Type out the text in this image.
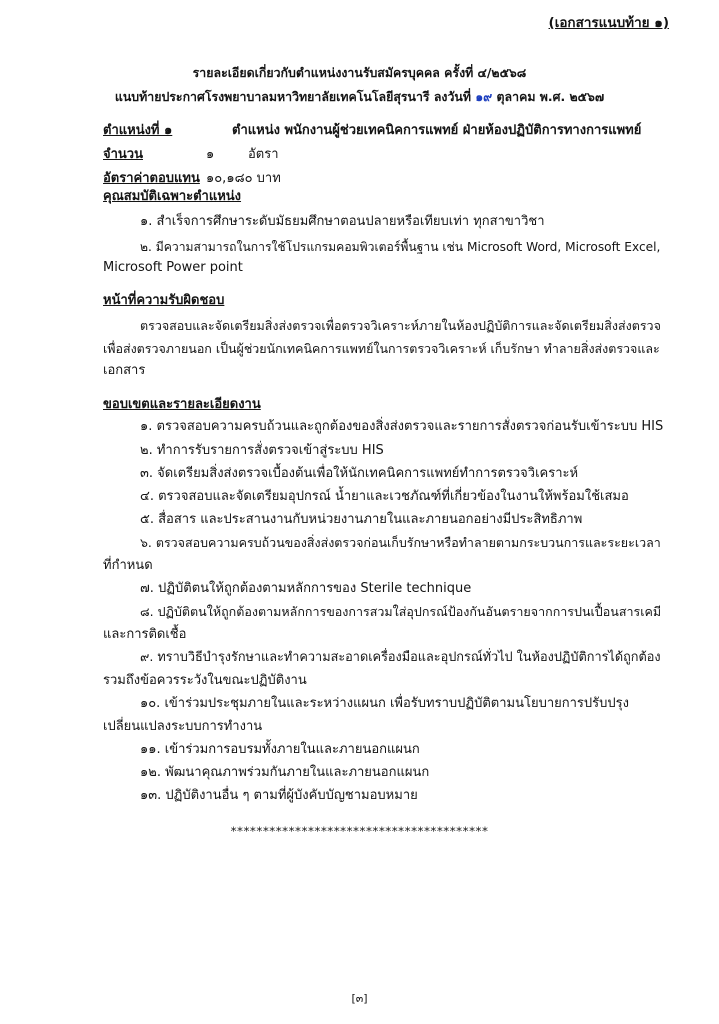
(เอกสารแนบท้าย ๑)
รายละเอียดเกี่ยวกับตำแหน่งงานรับสมัครบุคคล ครั้งที่ ๔/๒๕๖๘
แนบท้ายประกาศโรงพยาบาลมหาวิทยาลัยเทคโนโลยีสุรนารี ลงวันที่ ๑๙ ตุลาคม พ.ศ. ๒๕๖๗
ตำแหน่งที่ ๑	ตำแหน่ง พนักงานผู้ช่วยเทคนิคการแพทย์ ฝ่ายห้องปฏิบัติการทางการแพทย์
จำนวน	๑	อัตรา
อัตราค่าตอบแทน ๑๐,๑๘๐ บาท
คุณสมบัติเฉพาะตำแหน่ง
๑. สำเร็จการศึกษาระดับมัธยมศึกษาตอนปลายหรือเทียบเท่า ทุกสาขาวิชา
๒. มีความสามารถในการใช้โปรแกรมคอมพิวเตอร์พื้นฐาน เช่น Microsoft Word, Microsoft Excel,
Microsoft Power point
หน้าที่ความรับผิดชอบ
ตรวจสอบและจัดเตรียมสิ่งส่งตรวจเพื่อตรวจวิเคราะห์ภายในห้องปฏิบัติการและจัดเตรียมสิ่งส่งตรวจ
เพื่อส่งตรวจภายนอก เป็นผู้ช่วยนักเทคนิคการแพทย์ในการตรวจวิเคราะห์ เก็บรักษา ทำลายสิ่งส่งตรวจและ
เอกสาร
ขอบเขตและรายละเอียดงาน
๑. ตรวจสอบความครบถ้วนและถูกต้องของสิ่งส่งตรวจและรายการสั่งตรวจก่อนรับเข้าระบบ HIS
๒. ทำการรับรายการสั่งตรวจเข้าสู่ระบบ HIS
๓. จัดเตรียมสิ่งส่งตรวจเบื้องต้นเพื่อให้นักเทคนิคการแพทย์ทำการตรวจวิเคราะห์
๔. ตรวจสอบและจัดเตรียมอุปกรณ์ น้ำยาและเวชภัณฑ์ที่เกี่ยวข้องในงานให้พร้อมใช้เสมอ
๕. สื่อสาร และประสานงานกับหน่วยงานภายในและภายนอกอย่างมีประสิทธิภาพ
๖. ตรวจสอบความครบถ้วนของสิ่งส่งตรวจก่อนเก็บรักษาหรือทำลายตามกระบวนการและระยะเวลา
ที่กำหนด
๗. ปฏิบัติตนให้ถูกต้องตามหลักการของ Sterile technique
๘. ปฏิบัติตนให้ถูกต้องตามหลักการของการสวมใส่อุปกรณ์ป้องกันอันตรายจากการปนเปื้อนสารเคมี
และการติดเชื้อ
๙. ทราบวิธีบำรุงรักษาและทำความสะอาดเครื่องมือและอุปกรณ์ทั่วไป ในห้องปฏิบัติการได้ถูกต้อง
รวมถึงข้อควรระวังในขณะปฏิบัติงาน
๑๐. เข้าร่วมประชุมภายในและระหว่างแผนก เพื่อรับทราบปฏิบัติตามนโยบายการปรับปรุง
เปลี่ยนแปลงระบบการทำงาน
๑๑. เข้าร่วมการอบรมทั้งภายในและภายนอกแผนก
๑๒. พัฒนาคุณภาพร่วมกันภายในและภายนอกแผนก
๑๓. ปฏิบัติงานอื่น ๆ ตามที่ผู้บังคับบัญชามอบหมาย
****************************************
[๓]
